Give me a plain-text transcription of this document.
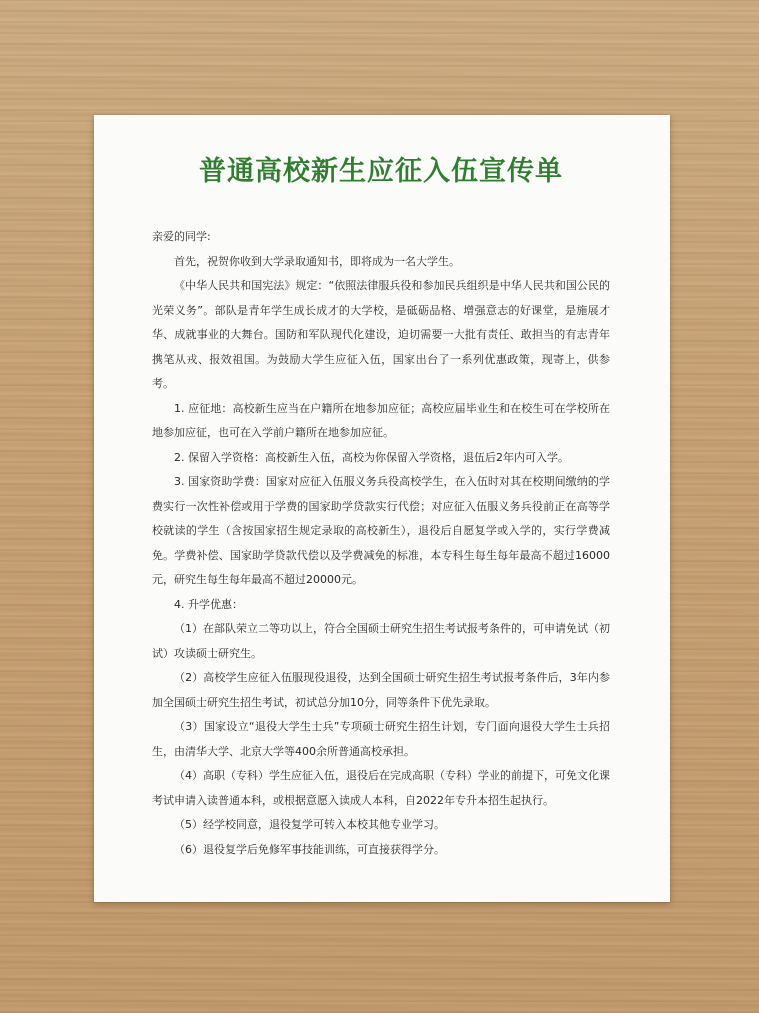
普通高校新生应征入伍宣传单

亲爱的同学:

首先，祝贺你收到大学录取通知书，即将成为一名大学生。

《中华人民共和国宪法》规定：“依照法律服兵役和参加民兵组织是中华人民共和国公民的光荣义务”。部队是青年学生成长成才的大学校，是砥砺品格、增强意志的好课堂，是施展才华、成就事业的大舞台。国防和军队现代化建设，迫切需要一大批有责任、敢担当的有志青年携笔从戎、报效祖国。为鼓励大学生应征入伍，国家出台了一系列优惠政策，现寄上，供参考。

1. 应征地：高校新生应当在户籍所在地参加应征；高校应届毕业生和在校生可在学校所在地参加应征，也可在入学前户籍所在地参加应征。

2. 保留入学资格：高校新生入伍，高校为你保留入学资格，退伍后2年内可入学。

3. 国家资助学费：国家对应征入伍服义务兵役高校学生，在入伍时对其在校期间缴纳的学费实行一次性补偿或用于学费的国家助学贷款实行代偿；对应征入伍服义务兵役前正在高等学校就读的学生（含按国家招生规定录取的高校新生），退役后自愿复学或入学的，实行学费减免。学费补偿、国家助学贷款代偿以及学费减免的标准，本专科生每生每年最高不超过16000元，研究生每生每年最高不超过20000元。

4. 升学优惠：

（1）在部队荣立二等功以上，符合全国硕士研究生招生考试报考条件的，可申请免试（初试）攻读硕士研究生。

（2）高校学生应征入伍服现役退役，达到全国硕士研究生招生考试报考条件后，3年内参加全国硕士研究生招生考试，初试总分加10分，同等条件下优先录取。

（3）国家设立“退役大学生士兵”专项硕士研究生招生计划，专门面向退役大学生士兵招生，由清华大学、北京大学等400余所普通高校承担。

（4）高职（专科）学生应征入伍，退役后在完成高职（专科）学业的前提下，可免文化课考试申请入读普通本科，或根据意愿入读成人本科，自2022年专升本招生起执行。

（5）经学校同意，退役复学可转入本校其他专业学习。

（6）退役复学后免修军事技能训练，可直接获得学分。
